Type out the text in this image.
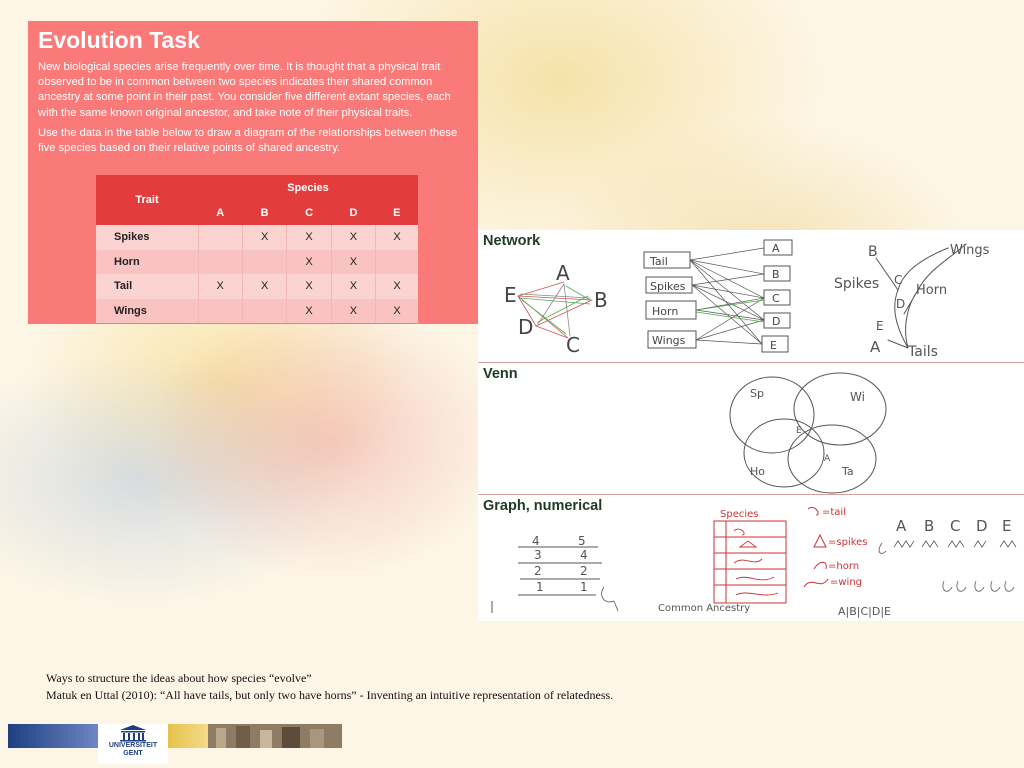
Evolution Task

New biological species arise frequently over time. It is thought that a physical trait observed to be in common between two species indicates their shared common ancestry at some point in their past. You consider five different extant species, each with the same known original ancestor, and take note of their physical traits.

Use the data in the table below to draw a diagram of the relationships between these five species based on their relative points of shared ancestry.

Trait	Species				
	A	B	C	D	E
Spikes		X	X	X	X
Horn			X	X	
Tail	X	X	X	X	X
Wings			X	X	X
A
B
C
D
E
Tail
Spikes
Horn
Wings
A
B
C
D
E
B
Spikes
Wings
Horn
A Tails
C
D
E
Network
Sp	Wi
Ho	Ta
E
A
Venn
4	5
3	4
2	2
1	1
Species	=tail
=spikes
=horn
=wing
A B C D E
Common Ancestry	A|B|C|D|E
Graph, numerical
Ways to structure the ideas about how species “evolve”
Matuk en Uttal (2010): “All have tails, but only two have horns” - Inventing an intuitive representation of relatedness.
UNIVERSITEIT
GENT
